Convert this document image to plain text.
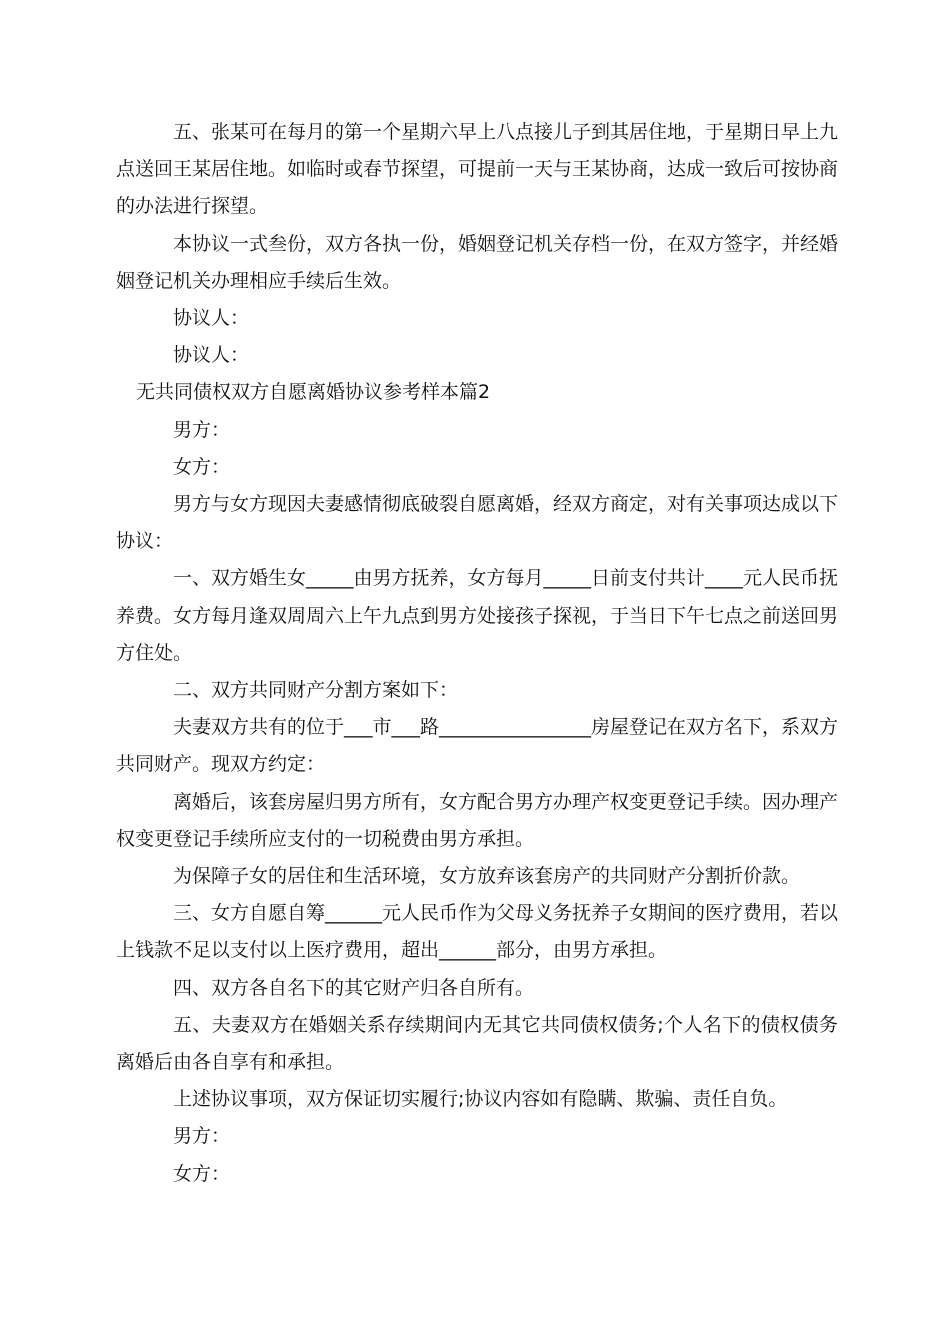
五、张某可在每月的第一个星期六早上八点接儿子到其居住地，于星期日早上九点送回王某居住地。如临时或春节探望，可提前一天与王某协商，达成一致后可按协商的办法进行探望。

本协议一式叁份，双方各执一份，婚姻登记机关存档一份，在双方签字，并经婚姻登记机关办理相应手续后生效。

协议人：

协议人：

无共同债权双方自愿离婚协议参考样本篇2

男方：

女方：

男方与女方现因夫妻感情彻底破裂自愿离婚，经双方商定，对有关事项达成以下协议：

一、双方婚生女_____由男方抚养，女方每月_____日前支付共计____元人民币抚养费。女方每月逢双周周六上午九点到男方处接孩子探视，于当日下午七点之前送回男方住处。

二、双方共同财产分割方案如下：

夫妻双方共有的位于___市___路________________房屋登记在双方名下，系双方共同财产。现双方约定：

离婚后，该套房屋归男方所有，女方配合男方办理产权变更登记手续。因办理产权变更登记手续所应支付的一切税费由男方承担。

为保障子女的居住和生活环境，女方放弃该套房产的共同财产分割折价款。

三、女方自愿自筹______元人民币作为父母义务抚养子女期间的医疗费用，若以上钱款不足以支付以上医疗费用，超出______部分，由男方承担。

四、双方各自名下的其它财产归各自所有。

五、夫妻双方在婚姻关系存续期间内无其它共同债权债务;个人名下的债权债务离婚后由各自享有和承担。

上述协议事项，双方保证切实履行;协议内容如有隐瞒、欺骗、责任自负。

男方：

女方：
